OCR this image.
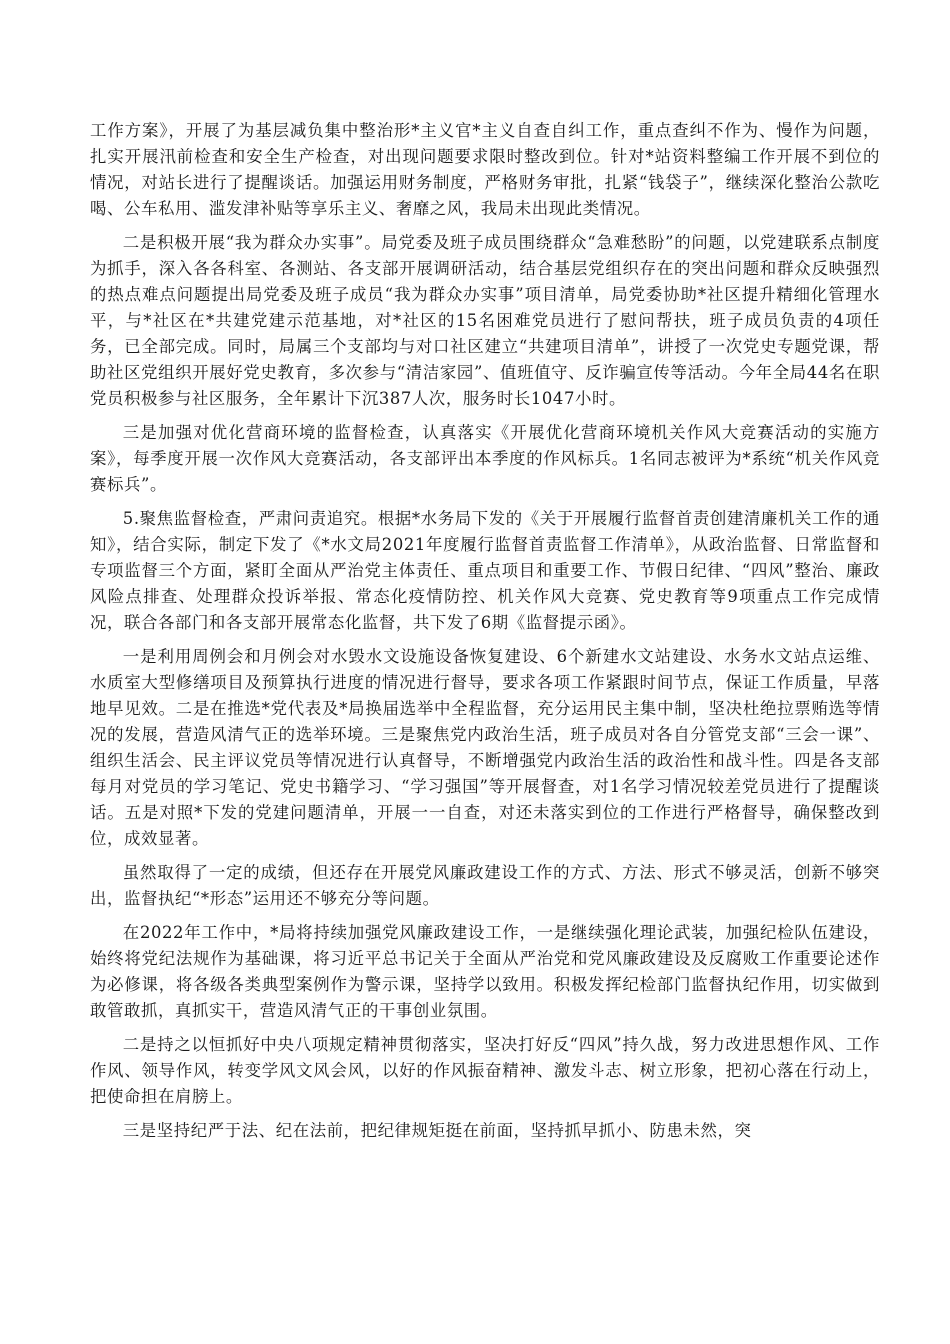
工作方案》，开展了为基层减负集中整治形*主义官*主义自查自纠工作，重点查纠不作为、慢作为问题，扎实开展汛前检查和安全生产检查，对出现问题要求限时整改到位。针对*站资料整编工作开展不到位的情况，对站长进行了提醒谈话。加强运用财务制度，严格财务审批，扎紧“钱袋子”，继续深化整治公款吃喝、公车私用、滥发津补贴等享乐主义、奢靡之风，我局未出现此类情况。

二是积极开展“我为群众办实事”。局党委及班子成员围绕群众“急难愁盼”的问题，以党建联系点制度为抓手，深入各各科室、各测站、各支部开展调研活动，结合基层党组织存在的突出问题和群众反映强烈的热点难点问题提出局党委及班子成员“我为群众办实事”项目清单，局党委协助*社区提升精细化管理水平，与*社区在*共建党建示范基地，对*社区的15名困难党员进行了慰问帮扶，班子成员负责的4项任务，已全部完成。同时，局属三个支部均与对口社区建立“共建项目清单”，讲授了一次党史专题党课，帮助社区党组织开展好党史教育，多次参与“清洁家园”、值班值守、反诈骗宣传等活动。今年全局44名在职党员积极参与社区服务，全年累计下沉387人次，服务时长1047小时。

三是加强对优化营商环境的监督检查，认真落实《开展优化营商环境机关作风大竞赛活动的实施方案》，每季度开展一次作风大竞赛活动，各支部评出本季度的作风标兵。1名同志被评为*系统“机关作风竞赛标兵”。

5.聚焦监督检查，严肃问责追究。根据*水务局下发的《关于开展履行监督首责创建清廉机关工作的通知》，结合实际，制定下发了《*水文局2021年度履行监督首责监督工作清单》，从政治监督、日常监督和专项监督三个方面，紧盯全面从严治党主体责任、重点项目和重要工作、节假日纪律、“四风”整治、廉政风险点排查、处理群众投诉举报、常态化疫情防控、机关作风大竞赛、党史教育等9项重点工作完成情况，联合各部门和各支部开展常态化监督，共下发了6期《监督提示函》。

一是利用周例会和月例会对水毁水文设施设备恢复建设、6个新建水文站建设、水务水文站点运维、水质室大型修缮项目及预算执行进度的情况进行督导，要求各项工作紧跟时间节点，保证工作质量，早落地早见效。二是在推选*党代表及*局换届选举中全程监督，充分运用民主集中制，坚决杜绝拉票贿选等情况的发展，营造风清气正的选举环境。三是聚焦党内政治生活，班子成员对各自分管党支部“三会一课”、组织生活会、民主评议党员等情况进行认真督导，不断增强党内政治生活的政治性和战斗性。四是各支部每月对党员的学习笔记、党史书籍学习、“学习强国”等开展督查，对1名学习情况较差党员进行了提醒谈话。五是对照*下发的党建问题清单，开展一一自查，对还未落实到位的工作进行严格督导，确保整改到位，成效显著。

虽然取得了一定的成绩，但还存在开展党风廉政建设工作的方式、方法、形式不够灵活，创新不够突出，监督执纪“*形态”运用还不够充分等问题。

在2022年工作中，*局将持续加强党风廉政建设工作，一是继续强化理论武装，加强纪检队伍建设，始终将党纪法规作为基础课，将习近平总书记关于全面从严治党和党风廉政建设及反腐败工作重要论述作为必修课，将各级各类典型案例作为警示课，坚持学以致用。积极发挥纪检部门监督执纪作用，切实做到敢管敢抓，真抓实干，营造风清气正的干事创业氛围。

二是持之以恒抓好中央八项规定精神贯彻落实，坚决打好反“四风”持久战，努力改进思想作风、工作作风、领导作风，转变学风文风会风，以好的作风振奋精神、激发斗志、树立形象，把初心落在行动上，把使命担在肩膀上。

三是坚持纪严于法、纪在法前，把纪律规矩挺在前面，坚持抓早抓小、防患未然，突
